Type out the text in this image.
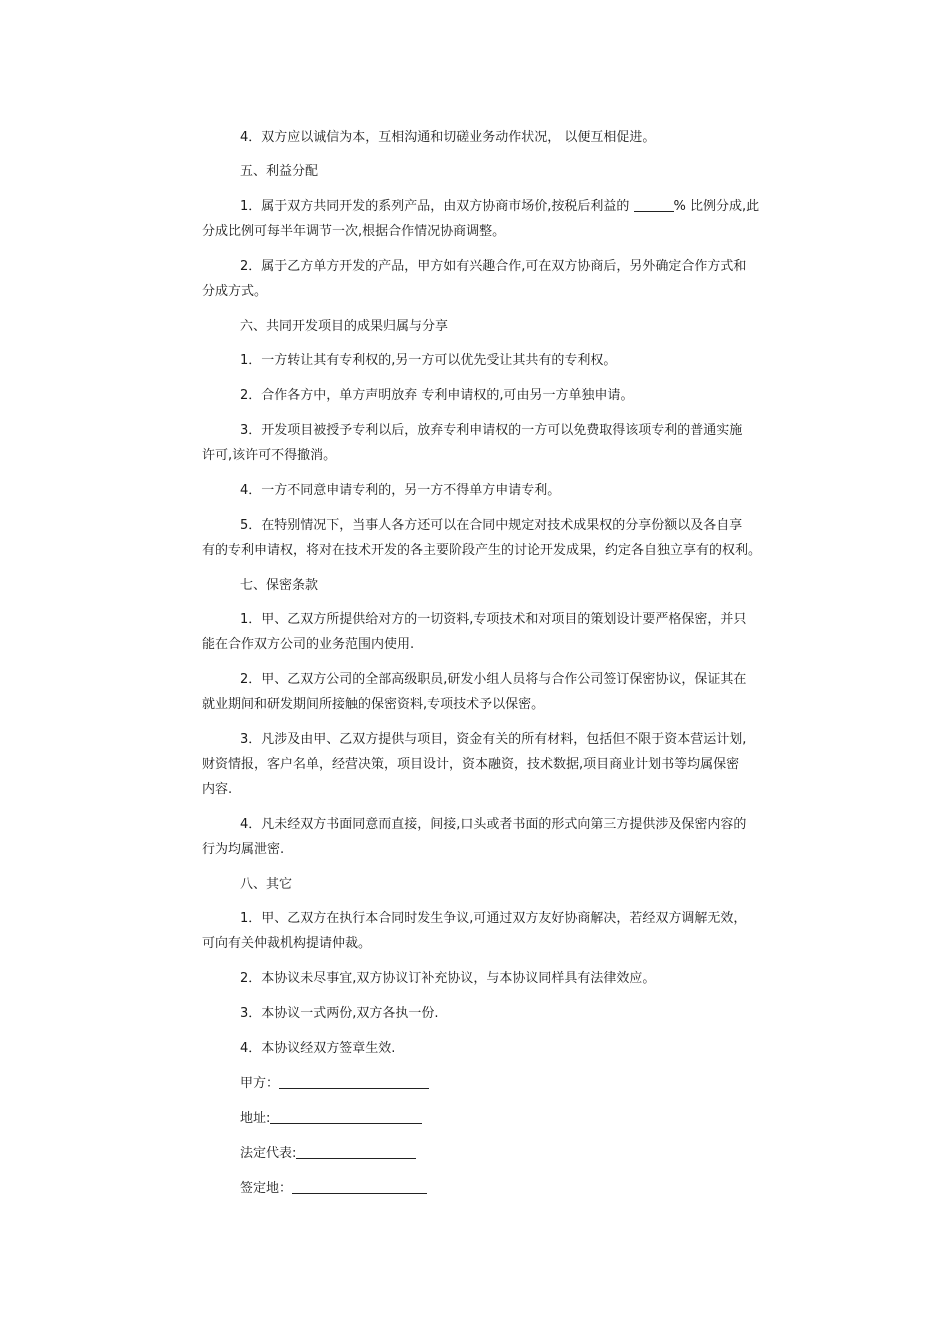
4．双方应以诚信为本，互相沟通和切磋业务动作状况， 以便互相促进。

五、利益分配

1．属于双方共同开发的系列产品，由双方协商市场价,按税后利益的	% 比例分成,此

分成比例可每半年调节一次,根据合作情况协商调整。

2．属于乙方单方开发的产品，甲方如有兴趣合作,可在双方协商后，另外确定合作方式和

分成方式。

六、共同开发项目的成果归属与分享

1．一方转让其有专利权的,另一方可以优先受让其共有的专利权。

2．合作各方中，单方声明放弃 专利申请权的,可由另一方单独申请。

3．开发项目被授予专利以后，放弃专利申请权的一方可以免费取得该项专利的普通实施

许可,该许可不得撤消。

4．一方不同意申请专利的，另一方不得单方申请专利。

5．在特别情况下，当事人各方还可以在合同中规定对技术成果权的分享份额以及各自享

有的专利申请权，将对在技术开发的各主要阶段产生的讨论开发成果，约定各自独立享有的权利。

七、保密条款

1．甲、乙双方所提供给对方的一切资料,专项技术和对项目的策划设计要严格保密，并只

能在合作双方公司的业务范围内使用.

2．甲、乙双方公司的全部高级职员,研发小组人员将与合作公司签订保密协议，保证其在

就业期间和研发期间所接触的保密资料,专项技术予以保密。

3．凡涉及由甲、乙双方提供与项目，资金有关的所有材料，包括但不限于资本营运计划,

财资情报，客户名单，经营决策，项目设计，资本融资，技术数据,项目商业计划书等均属保密

内容.

4．凡未经双方书面同意而直接，间接,口头或者书面的形式向第三方提供涉及保密内容的

行为均属泄密.

八、其它

1．甲、乙双方在执行本合同时发生争议,可通过双方友好协商解决，若经双方调解无效，

可向有关仲裁机构提请仲裁。

2．本协议未尽事宜,双方协议订补充协议，与本协议同样具有法律效应。

3．本协议一式两份,双方各执一份.

4．本协议经双方签章生效.

甲方：
地址:
法定代表:
签定地：
